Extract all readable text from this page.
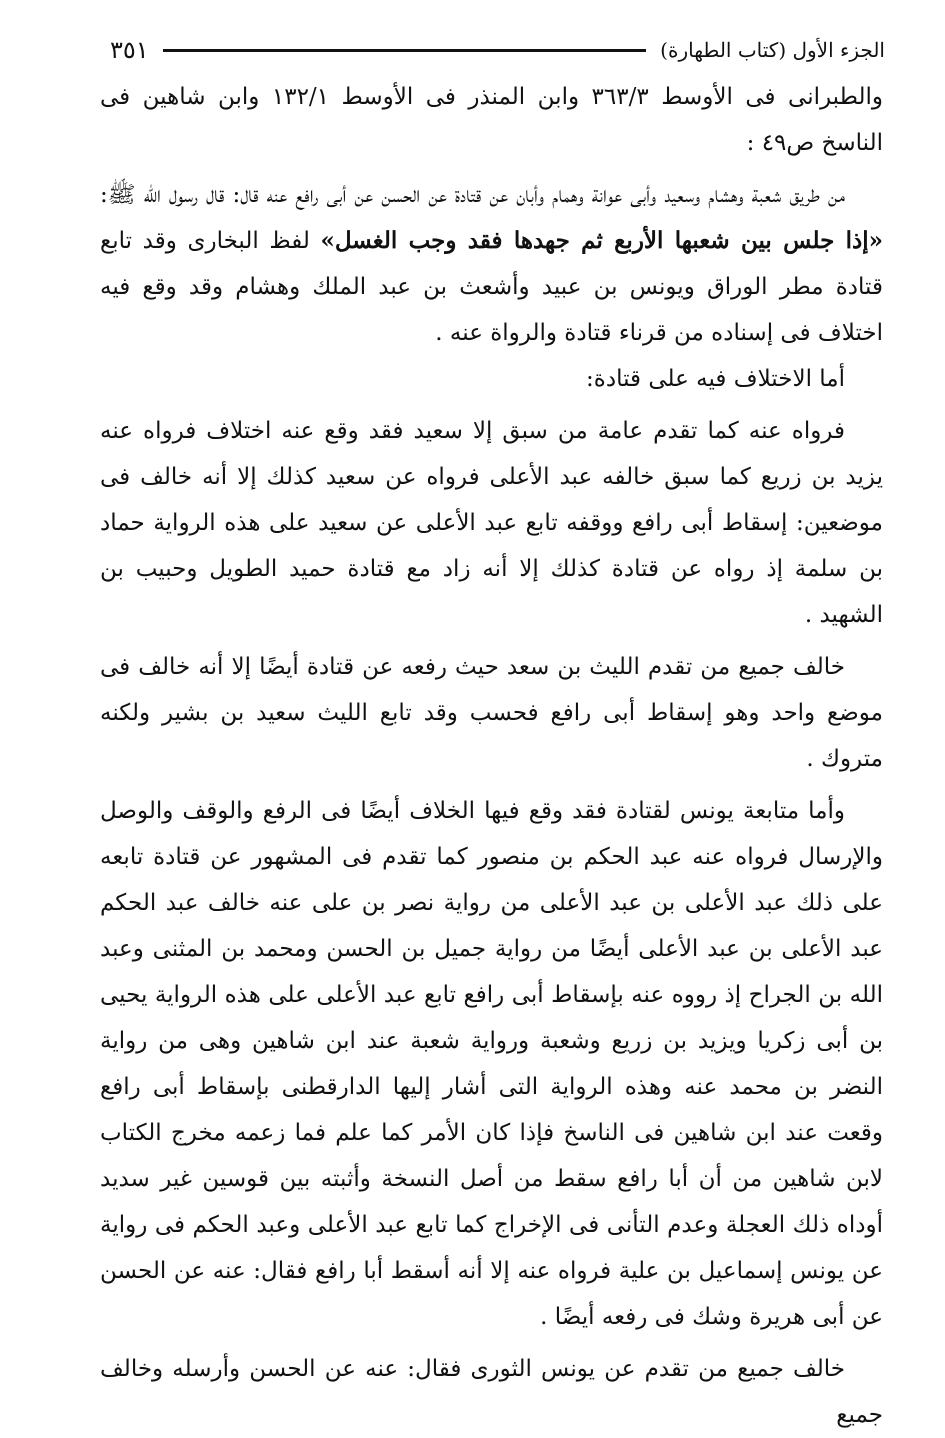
الجزء الأول (كتاب الطهارة)
٣٥١

والطبرانى فى الأوسط ٣٦٣/٣ وابن المنذر فى الأوسط ١٣٢/١ وابن شاهين فى الناسخ ص٤٩ :

من طريق شعبة وهشام وسعيد وأبى عوانة وهمام وأبان عن قتادة عن الحسن عن أبى رافع عنه قال: قال رسول الله ﷺ: «إذا جلس بين شعبها الأربع ثم جهدها فقد وجب الغسل» لفظ البخارى وقد تابع قتادة مطر الوراق ويونس بن عبيد وأشعث بن عبد الملك وهشام وقد وقع فيه اختلاف فى إسناده من قرناء قتادة والرواة عنه .

أما الاختلاف فيه على قتادة:

فرواه عنه كما تقدم عامة من سبق إلا سعيد فقد وقع عنه اختلاف فرواه عنه يزيد بن زريع كما سبق خالفه عبد الأعلى فرواه عن سعيد كذلك إلا أنه خالف فى موضعين: إسقاط أبى رافع ووقفه تابع عبد الأعلى عن سعيد على هذه الرواية حماد بن سلمة إذ رواه عن قتادة كذلك إلا أنه زاد مع قتادة حميد الطويل وحبيب بن الشهيد .

خالف جميع من تقدم الليث بن سعد حيث رفعه عن قتادة أيضًا إلا أنه خالف فى موضع واحد وهو إسقاط أبى رافع فحسب وقد تابع الليث سعيد بن بشير ولكنه متروك .

وأما متابعة يونس لقتادة فقد وقع فيها الخلاف أيضًا فى الرفع والوقف والوصل والإرسال فرواه عنه عبد الحكم بن منصور كما تقدم فى المشهور عن قتادة تابعه على ذلك عبد الأعلى بن عبد الأعلى من رواية نصر بن على عنه خالف عبد الحكم عبد الأعلى بن عبد الأعلى أيضًا من رواية جميل بن الحسن ومحمد بن المثنى وعبد الله بن الجراح إذ رووه عنه بإسقاط أبى رافع تابع عبد الأعلى على هذه الرواية يحيى بن أبى زكريا ويزيد بن زريع وشعبة ورواية شعبة عند ابن شاهين وهى من رواية النضر بن محمد عنه وهذه الرواية التى أشار إليها الدارقطنى بإسقاط أبى رافع وقعت عند ابن شاهين فى الناسخ فإذا كان الأمر كما علم فما زعمه مخرج الكتاب لابن شاهين من أن أبا رافع سقط من أصل النسخة وأثبته بين قوسين غير سديد أوداه ذلك العجلة وعدم التأنى فى الإخراج كما تابع عبد الأعلى وعبد الحكم فى رواية عن يونس إسماعيل بن علية فرواه عنه إلا أنه أسقط أبا رافع فقال: عنه عن الحسن عن أبى هريرة وشك فى رفعه أيضًا .

خالف جميع من تقدم عن يونس الثورى فقال: عنه عن الحسن وأرسله وخالف جميع
